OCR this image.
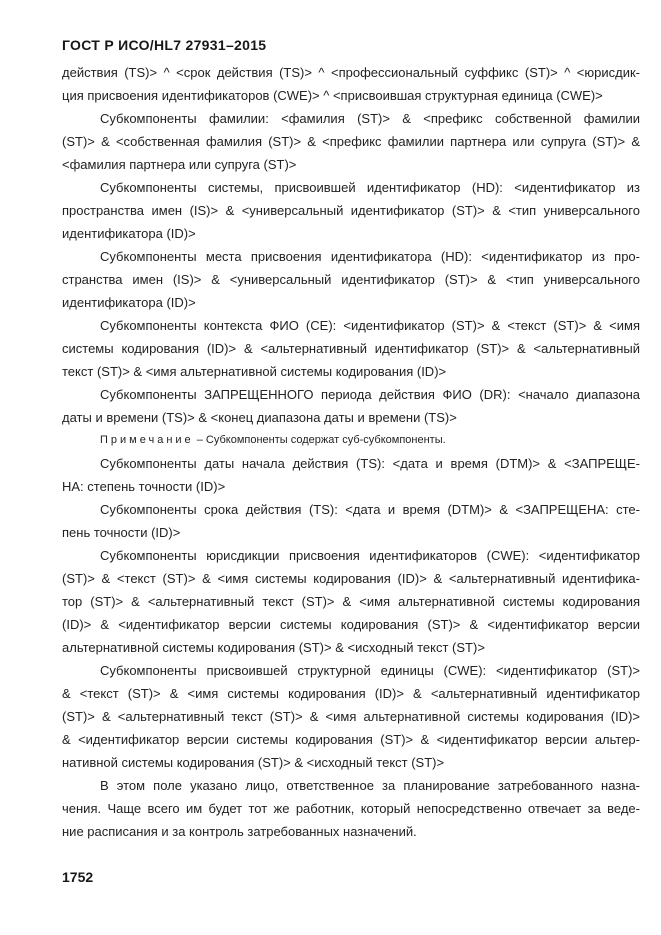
ГОСТ Р ИСО/HL7 27931–2015
действия (TS)> ^ <срок действия (TS)> ^ <профессиональный суффикс (ST)> ^ <юрисдик-
ция присвоения идентификаторов (CWE)> ^ <присвоившая структурная единица (CWE)>
Субкомпоненты фамилии: <фамилия (ST)> & <префикс собственной фамилии
(ST)> & <собственная фамилия (ST)> & <префикс фамилии партнера или супруга (ST)> &
<фамилия партнера или супруга (ST)>
Субкомпоненты системы, присвоившей идентификатор (HD): <идентификатор из
пространства имен (IS)> & <универсальный идентификатор (ST)> & <тип универсального
идентификатора (ID)>
Субкомпоненты места присвоения идентификатора (HD): <идентификатор из про-
странства имен (IS)> & <универсальный идентификатор (ST)> & <тип универсального
идентификатора (ID)>
Субкомпоненты контекста ФИО (CE): <идентификатор (ST)> & <текст (ST)> & <имя
системы кодирования (ID)> & <альтернативный идентификатор (ST)> & <альтернативный
текст (ST)> & <имя альтернативной системы кодирования (ID)>
Субкомпоненты ЗАПРЕЩЕННОГО периода действия ФИО (DR): <начало диапазона
даты и времени (TS)> & <конец диапазона даты и времени (TS)>
Примечание – Субкомпоненты содержат суб-субкомпоненты.
Субкомпоненты даты начала действия (TS): <дата и время (DTM)> & <ЗАПРЕЩЕ-
НА: степень точности (ID)>
Субкомпоненты срока действия (TS): <дата и время (DTM)> & <ЗАПРЕЩЕНА: сте-
пень точности (ID)>
Субкомпоненты юрисдикции присвоения идентификаторов (CWE): <идентификатор
(ST)> & <текст (ST)> & <имя системы кодирования (ID)> & <альтернативный идентифика-
тор (ST)> & <альтернативный текст (ST)> & <имя альтернативной системы кодирования
(ID)> & <идентификатор версии системы кодирования (ST)> & <идентификатор версии
альтернативной системы кодирования (ST)> & <исходный текст (ST)>
Субкомпоненты присвоившей структурной единицы (CWE): <идентификатор (ST)>
& <текст (ST)> & <имя системы кодирования (ID)> & <альтернативный идентификатор
(ST)> & <альтернативный текст (ST)> & <имя альтернативной системы кодирования (ID)>
& <идентификатор версии системы кодирования (ST)> & <идентификатор версии альтер-
нативной системы кодирования (ST)> & <исходный текст (ST)>
В этом поле указано лицо, ответственное за планирование затребованного назна-
чения. Чаще всего им будет тот же работник, который непосредственно отвечает за веде-
ние расписания и за контроль затребованных назначений.
1752
